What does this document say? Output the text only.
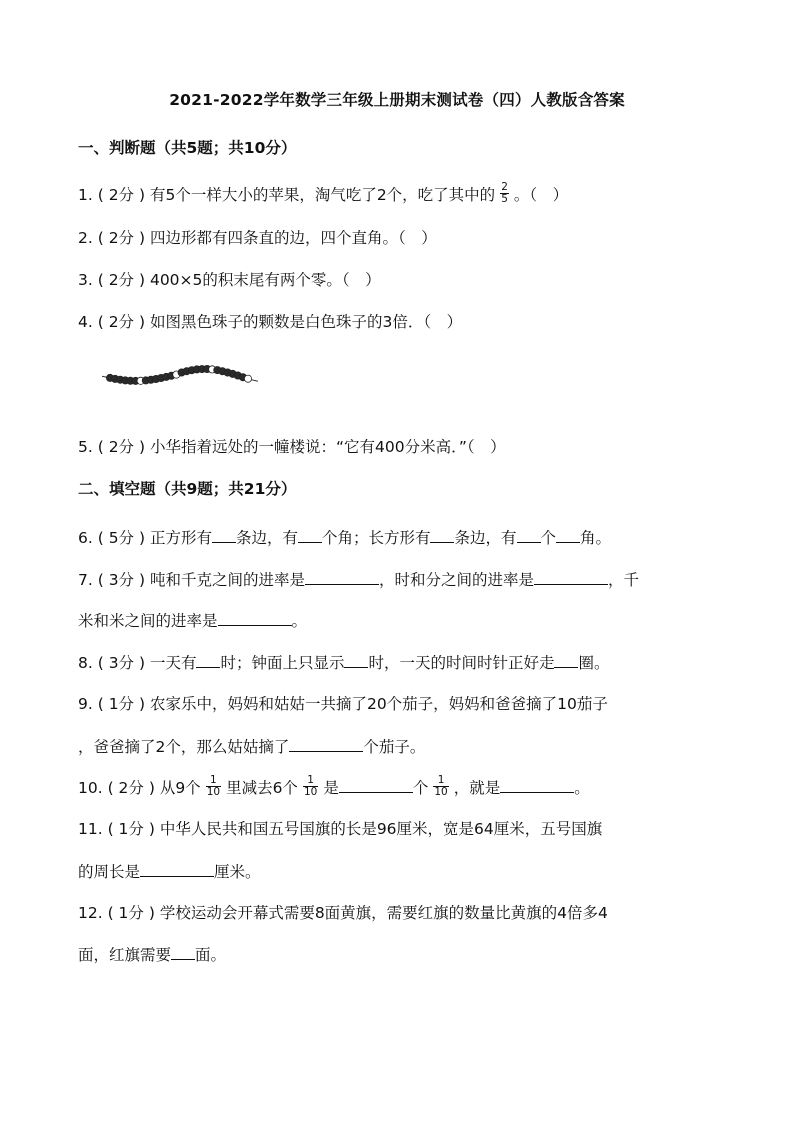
2021-2022学年数学三年级上册期末测试卷（四）人教版含答案
一、判断题（共5题；共10分）
1. ( 2分 ) 有5个一样大小的苹果，淘气吃了2个，吃了其中的 $\frac{2}{5}$ 。（　）
2. ( 2分 ) 四边形都有四条直的边，四个直角。（　）
3. ( 2分 ) 400×5的积末尾有两个零。（　）
4. ( 2分 ) 如图黑色珠子的颗数是白色珠子的3倍．（　）
5. ( 2分 ) 小华指着远处的一幢楼说：“它有400分米高．”（　）
二、填空题（共9题；共21分）
6. ( 5分 ) 正方形有 条边，有 个角；长方形有 条边，有 个 角。
7. ( 3分 ) 吨和千克之间的进率是	，时和分之间的进率是	，千
米和米之间的进率是	。
8. ( 3分 ) 一天有 时；钟面上只显示 时，一天的时间时针正好走 圈。
9. ( 1分 ) 农家乐中，妈妈和姑姑一共摘了20个茄子，妈妈和爸爸摘了10茄子
，爸爸摘了2个，那么姑姑摘了	个茄子。
10. ( 2分 ) 从9个 $\frac{1}{10}$ 里减去6个 $\frac{1}{10}$ 是	个 $\frac{1}{10}$ ，就是	。
11. ( 1分 ) 中华人民共和国五号国旗的长是96厘米，宽是64厘米，五号国旗
的周长是	厘米。
12. ( 1分 ) 学校运动会开幕式需要8面黄旗，需要红旗的数量比黄旗的4倍多4
面，红旗需要 面。
